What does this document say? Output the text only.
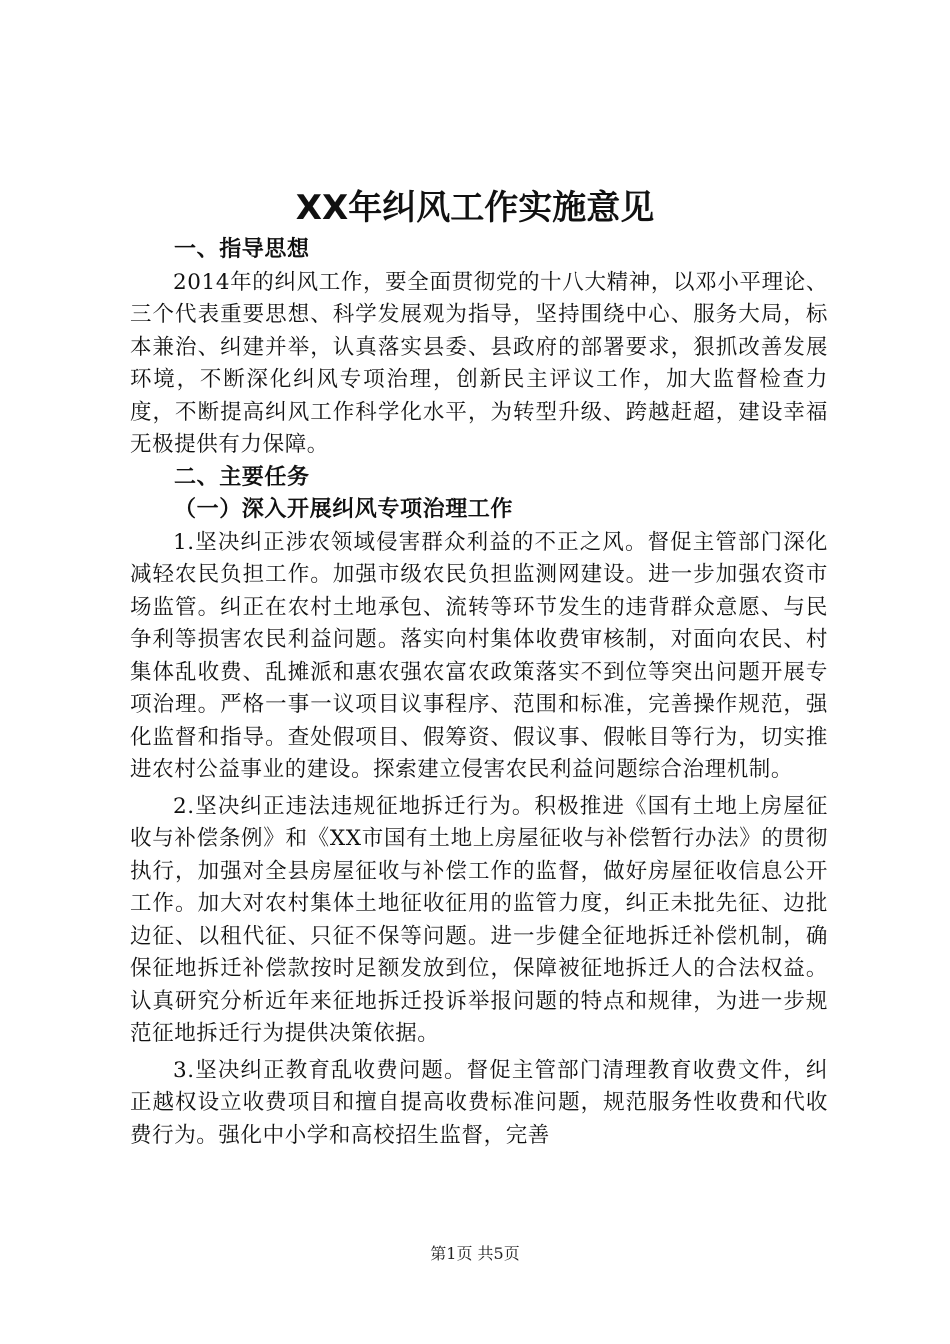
XX年纠风工作实施意见

一、指导思想

2014年的纠风工作，要全面贯彻党的十八大精神，以邓小平理论、三个代表重要思想、科学发展观为指导，坚持围绕中心、服务大局，标本兼治、纠建并举，认真落实县委、县政府的部署要求，狠抓改善发展环境，不断深化纠风专项治理，创新民主评议工作，加大监督检查力度，不断提高纠风工作科学化水平，为转型升级、跨越赶超，建设幸福无极提供有力保障。

二、主要任务

（一）深入开展纠风专项治理工作

1.坚决纠正涉农领域侵害群众利益的不正之风。督促主管部门深化减轻农民负担工作。加强市级农民负担监测网建设。进一步加强农资市场监管。纠正在农村土地承包、流转等环节发生的违背群众意愿、与民争利等损害农民利益问题。落实向村集体收费审核制，对面向农民、村集体乱收费、乱摊派和惠农强农富农政策落实不到位等突出问题开展专项治理。严格一事一议项目议事程序、范围和标准，完善操作规范，强化监督和指导。查处假项目、假筹资、假议事、假帐目等行为，切实推进农村公益事业的建设。探索建立侵害农民利益问题综合治理机制。

2.坚决纠正违法违规征地拆迁行为。积极推进《国有土地上房屋征收与补偿条例》和《XX市国有土地上房屋征收与补偿暂行办法》的贯彻执行，加强对全县房屋征收与补偿工作的监督，做好房屋征收信息公开工作。加大对农村集体土地征收征用的监管力度，纠正未批先征、边批边征、以租代征、只征不保等问题。进一步健全征地拆迁补偿机制，确保征地拆迁补偿款按时足额发放到位，保障被征地拆迁人的合法权益。认真研究分析近年来征地拆迁投诉举报问题的特点和规律，为进一步规范征地拆迁行为提供决策依据。

3.坚决纠正教育乱收费问题。督促主管部门清理教育收费文件，纠正越权设立收费项目和擅自提高收费标准问题，规范服务性收费和代收费行为。强化中小学和高校招生监督，完善

第1页 共5页
